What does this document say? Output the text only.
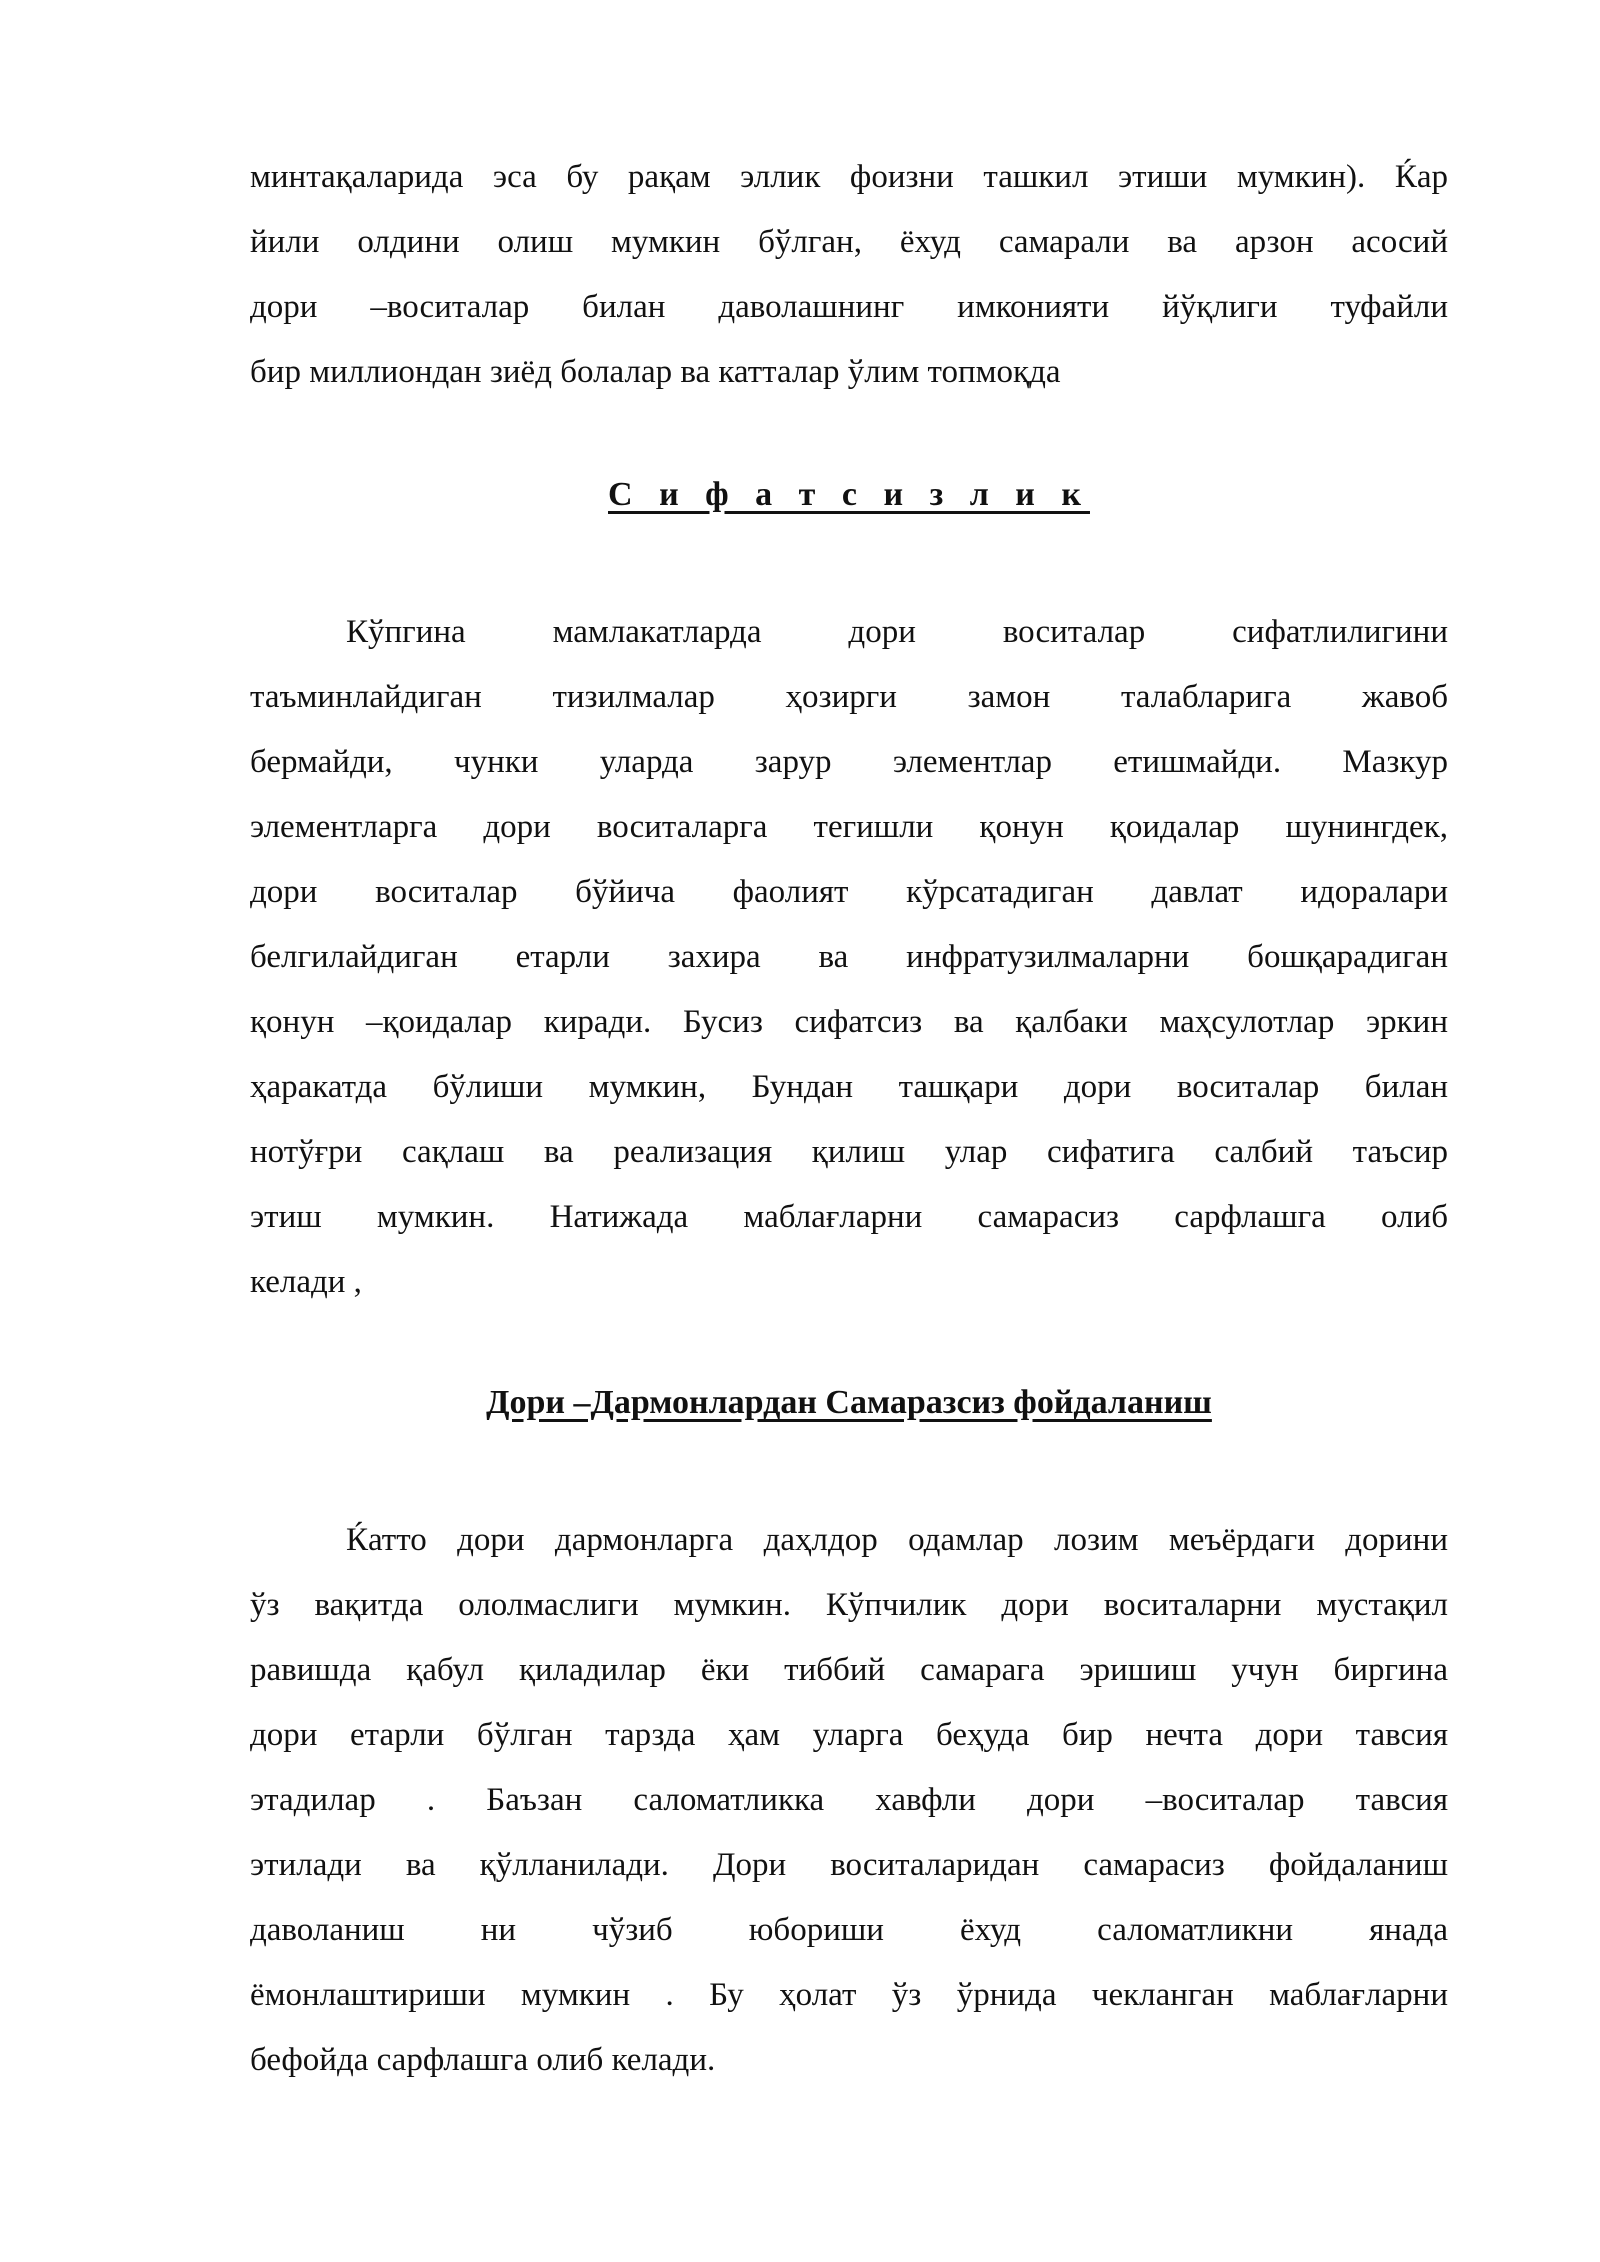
минтақаларида эса бу рақам эллик фоизни ташкил этиши мумкин). Ќар
йили олдини олиш мумкин бўлган, ёхуд самарали ва арзон асосий
дори –воситалар билан даволашнинг имконияти йўқлиги туфайли
бир миллиондан зиёд болалар ва катталар ўлим топмоқда
С и ф а т с и з л и к
Кўпгина мамлакатларда дори воситалар сифатлилигини
таъминлайдиган тизилмалар ҳозирги замон талабларига жавоб
бермайди, чунки уларда зарур элементлар етишмайди. Мазкур
элементларга дори воситаларга тегишли қонун қоидалар шунингдек,
дори воситалар бўйича фаолият кўрсатадиган давлат идоралари
белгилайдиган етарли захира ва инфратузилмаларни бошқарадиган
қонун –қоидалар киради. Бусиз сифатсиз ва қалбаки маҳсулотлар эркин
ҳаракатда бўлиши мумкин, Бундан ташқари дори воситалар билан
нотўғри сақлаш ва реализация қилиш улар сифатига салбий таъсир
этиш мумкин. Натижада маблағларни самарасиз сарфлашга олиб
келади ,
Дори –Дармонлардан Самаразсиз фойдаланиш
Ќатто дори дармонларга даҳлдор одамлар лозим меъёрдаги дорини
ўз вақитда ололмаслиги мумкин. Кўпчилик дори воситаларни мустақил
равишда қабул қиладилар ёки тиббий самарага эришиш учун биргина
дори етарли бўлган тарзда ҳам уларга беҳуда бир нечта дори тавсия
этадилар . Баъзан саломатликка хавфли дори –воситалар тавсия
этилади ва қўлланилади. Дори воситаларидан самарасиз фойдаланиш
даволаниш ни чўзиб юбориши ёхуд саломатликни янада
ёмонлаштириши мумкин . Бу ҳолат ўз ўрнида чекланган маблағларни
бефойда сарфлашга олиб келади.
